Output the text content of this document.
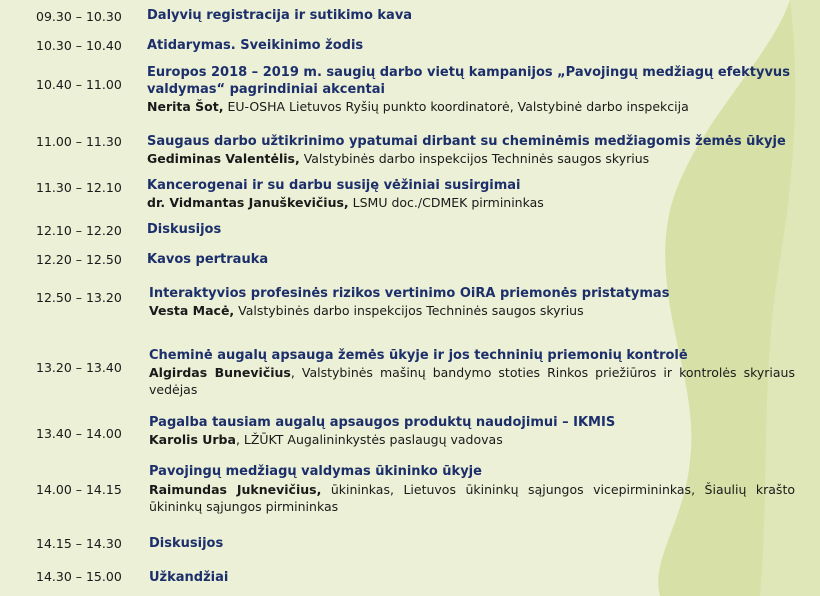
09.30 – 10.30 Dalyvių registracija ir sutikimo kava
10.30 – 10.40 Atidarymas. Sveikinimo žodis
10.40 – 11.00
Europos 2018 – 2019 m. saugių darbo vietų kampanijos „Pavojingų medžiagų efektyvus
valdymas“ pagrindiniai akcentai
Nerita Šot, EU-OSHA Lietuvos Ryšių punkto koordinatorė, Valstybinė darbo inspekcija
11.00 – 11.30 Saugaus darbo užtikrinimo ypatumai dirbant su cheminėmis medžiagomis žemės ūkyje
Gediminas Valentėlis, Valstybinės darbo inspekcijos Techninės saugos skyrius
11.30 – 12.10 Kancerogenai ir su darbu susiję vėžiniai susirgimai
dr. Vidmantas Januškevičius, LSMU doc./CDMEK pirmininkas
12.10 – 12.20 Diskusijos
12.20 – 12.50 Kavos pertrauka
12.50 – 13.20 Interaktyvios profesinės rizikos vertinimo OiRA priemonės pristatymas
Vesta Macė, Valstybinės darbo inspekcijos Techninės saugos skyrius
13.20 – 13.40
Cheminė augalų apsauga žemės ūkyje ir jos techninių priemonių kontrolė
Algirdas Bunevičius, Valstybinės mašinų bandymo stoties Rinkos priežiūros ir kontrolės skyriaus vedėjas
13.40 – 14.00
Pagalba tausiam augalų apsaugos produktų naudojimui – IKMIS
Karolis Urba, LŽŪKT Augalininkystės paslaugų vadovas
14.00 – 14.15
Pavojingų medžiagų valdymas ūkininko ūkyje
Raimundas Juknevičius, ūkininkas, Lietuvos ūkininkų sąjungos vicepirmininkas, Šiaulių krašto ūkininkų sąjungos pirmininkas
14.15 – 14.30 Diskusijos
14.30 – 15.00 Užkandžiai
